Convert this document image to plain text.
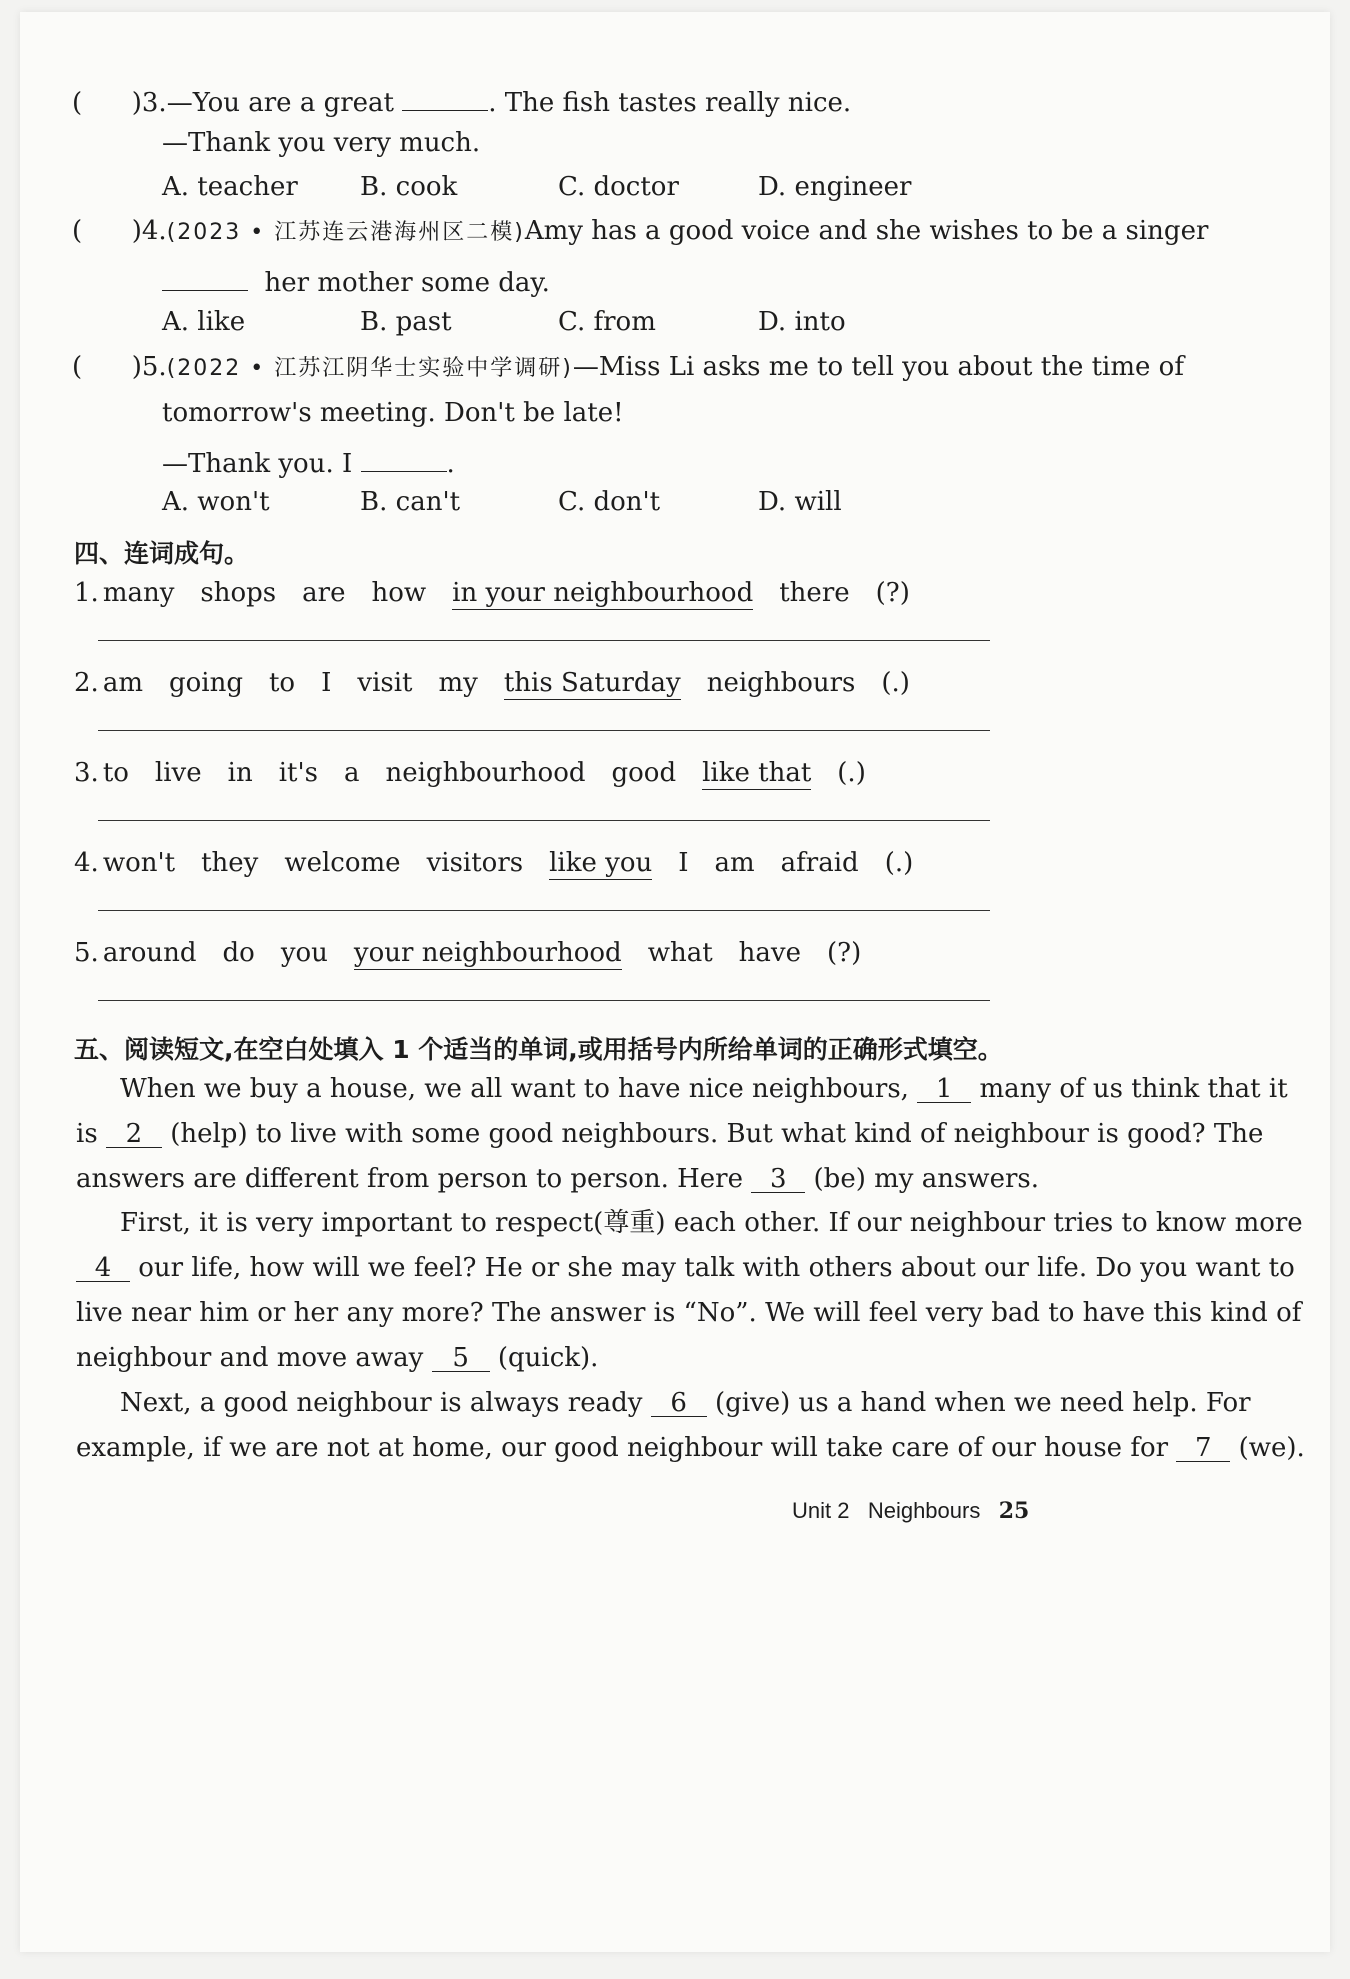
(      )3.—You are a great	. The fish tastes really nice.
—Thank you very much.
A. teacher B. cook	C. doctor	D. engineer
(      )4.(2023 • 江苏连云港海州区二模)Amy has a good voice and she wishes to be a singer
her mother some day.
A. like	B. past	C. from	D. into
(      )5.(2022 • 江苏江阴华士实验中学调研)—Miss Li asks me to tell you about the time of
tomorrow's meeting. Don't be late!
—Thank you. I	.
A. won't	B. can't	C. don't	D. will
四、连词成句。
1. many shops are how in your neighbourhood there (?)
2. am going to I visit my this Saturday neighbours (.)
3. to live in it's a neighbourhood good like that (.)
4. won't they welcome visitors like you I am afraid (.)
5. around do you your neighbourhood what have (?)
五、阅读短文,在空白处填入 1 个适当的单词,或用括号内所给单词的正确形式填空。
When we buy a house, we all want to have nice neighbours, 1 many of us think that it
is 2 (help) to live with some good neighbours. But what kind of neighbour is good? The
answers are different from person to person. Here 3 (be) my answers.
First, it is very important to respect(尊重) each other. If our neighbour tries to know more
4 our life, how will we feel? He or she may talk with others about our life. Do you want to
live near him or her any more? The answer is “No”. We will feel very bad to have this kind of
neighbour and move away 5 (quick).
Next, a good neighbour is always ready 6 (give) us a hand when we need help. For
example, if we are not at home, our good neighbour will take care of our house for 7 (we).
Unit 2 Neighbours 25
